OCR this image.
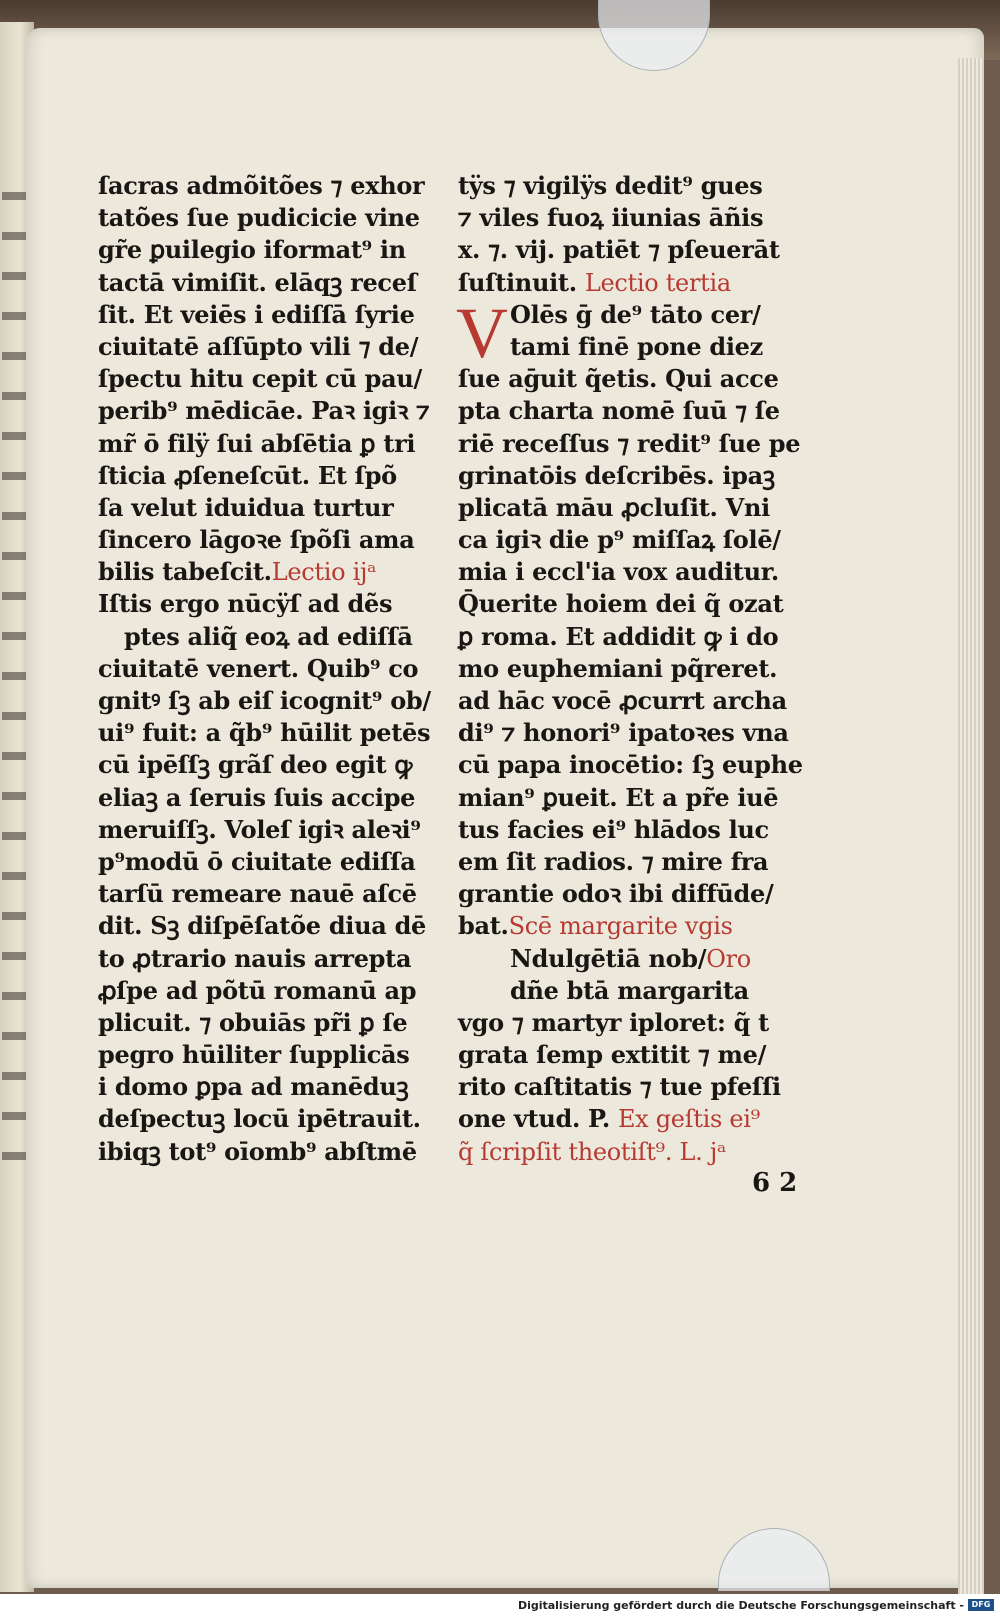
ſacras admõitões ⁊ exhor
tatões ſue pudicicie vine
gr̃e ꝑuilegio iformat⁹ in
tactā vimiſit. elāqꝫ receſ
ſit. Et veiēs i ediſſā ſyrie
ciuitatē aſſūpto vili ⁊ de/
ſpectu hitu cepit cū pau/
perib⁹ mēdicāe. Paꝛ igiꝛ ⁊
mr̃ ō filÿ ſui abſētia ꝑ tri
ſticia ꝓſeneſcūt. Et ſpõ
ſa velut iduidua turtur
ſincero lāgoꝛe ſpõſi ama
bilis tabeſcit.Lectio ijᵃ
Iſtis ergo nūcÿſ ad dẽs
ptes aliq̃ eoꝝ ad ediſſā
ciuitatē venert. Quib⁹ co
gnitꝰ ſꝫ ab eiſ icognit⁹ ob/
ui⁹ fuit: a q̃b⁹ hūilit petēs
cū ipēſſꝫ grãſ deo egit ꝙ
eliaꝫ a ſeruis ſuis accipe
meruiſſꝫ. Voleſ igiꝛ aleꝛi⁹
p⁹modū ō ciuitate ediſſa
tarſū remeare nauē aſcē
dit. Sꝫ diſpēſatõe diua dē
to ꝓtrario nauis arrepta
ꝓſpe ad põtū romanū ap
plicuit. ⁊ obuiās pr̃i ꝑ ſe
pegro hūiliter ſupplicās
i domo ꝑpa ad manēduꝫ
deſpectuꝫ locū ipētrauit.
ibiqꝫ tot⁹ oīomb⁹ abſtmē
tÿs ⁊ vigilÿs dedit⁹ gues
⁊ viles fuoꝝ iiunias āñis
x. ⁊. vij. patiēt ⁊ pſeuerāt
ſuſtinuit. Lectio tertia
V Olēs ḡ de⁹ tāto cer/
tami finē pone diez
ſue aḡuit q̃etis. Qui acce
pta charta nomē ſuū ⁊ ſe
riē receſſus ⁊ redit⁹ ſue pe
grinatōis deſcribēs. ipaꝫ
plicatā māu ꝓcluſit. Vni
ca igiꝛ die p⁹ miſſaꝝ ſolē/
mia i eccl'ia vox auditur.
Q̄uerite hoiem dei q̃ ozat
ꝑ roma. Et addidit ꝙ i do
mo euphemiani pq̃reret.
ad hāc vocē ꝓcurrt archa
di⁹ ⁊ honori⁹ ipatoꝛes vna
cū papa inocētio: ſꝫ euphe
mian⁹ ꝑueit. Et a pr̃e iuē
tus facies ei⁹ hlādos luc
em ſit radios. ⁊ mire fra
grantie odoꝛ ibi diffūde/
bat.Scē margarite vgis
Ndulgētiā nob/Oro
dñe btā margarita
vgo ⁊ martyr iploret: q̃ t
grata ſemp extitit ⁊ me/
rito caſtitatis ⁊ tue pfeſſi
one vtud. P. Ex geſtis ei⁹
q̃ ſcripſit theotiſt⁹. L. jᵃ
6 2
Digitalisierung gefördert durch die Deutsche Forschungsgemeinschaft - DFG
